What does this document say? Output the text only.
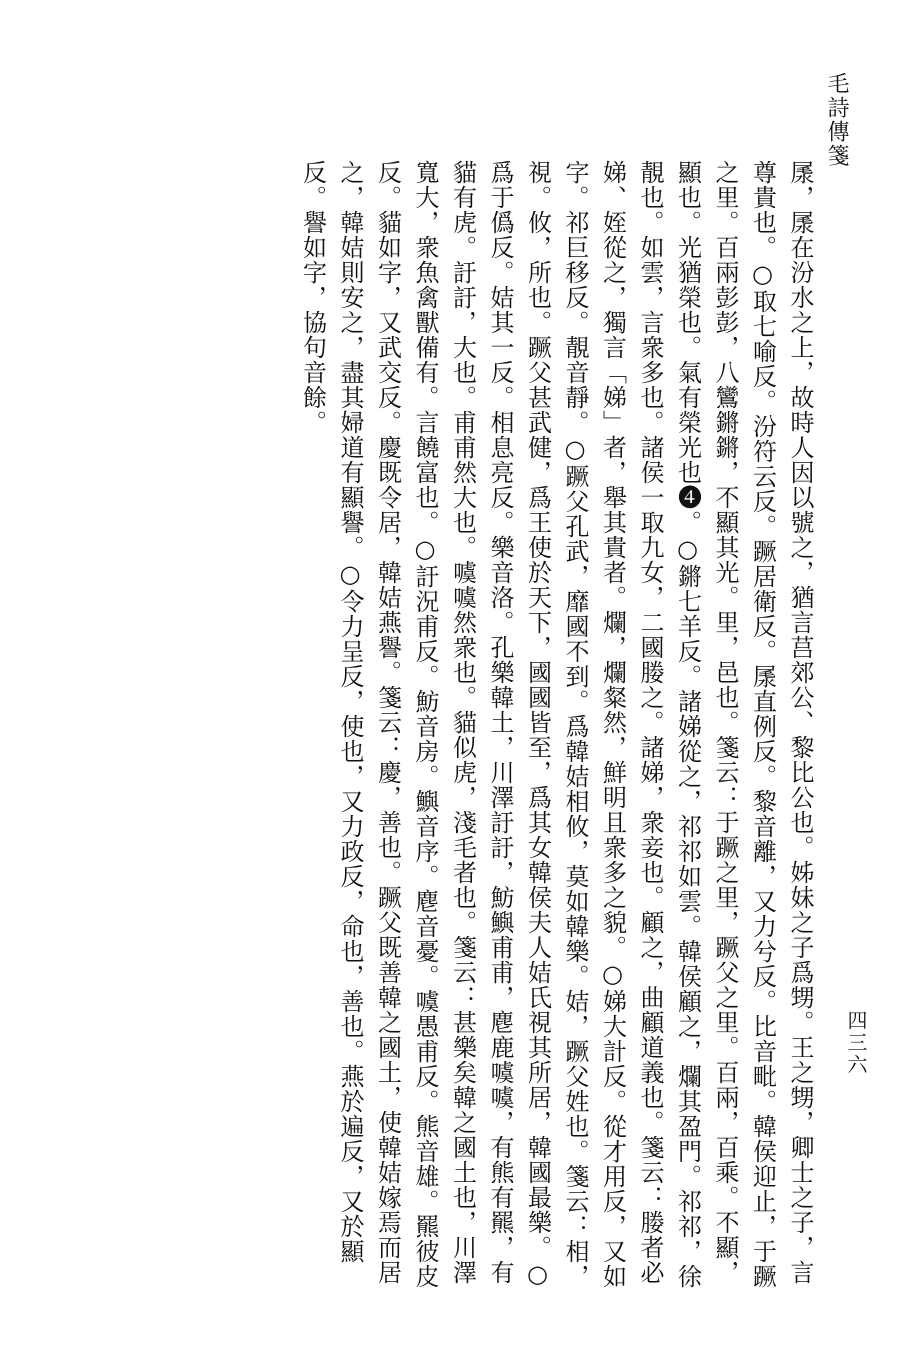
毛詩傳箋
四三六

㞙，㞙在汾水之上，故時人因以號之，猶言莒郊公、黎比公也。姊妹之子爲甥。王之甥，卿士之子，言尊貴也。○取七喻反。汾符云反。蹶居衛反。㞙直例反。黎音離，又力兮反。比音毗。韓侯迎止，于蹶之里。百兩彭彭，八鸞鏘鏘，不顯其光。里，邑也。箋云：于蹶之里，蹶父之里。百兩，百乘。不顯，顯也。光猶榮也。氣有榮光也❹。○鏘七羊反。諸娣從之，祁祁如雲。韓侯顧之，爛其盈門。祁祁，徐靚也。如雲，言衆多也。諸侯一取九女，二國媵之。諸娣，衆妾也。顧之，曲顧道義也。箋云：媵者必娣、姪從之，獨言「娣」者，舉其貴者。爛，爛粲然，鮮明且衆多之貌。○娣大計反。從才用反，又如字。祁巨移反。靚音靜。○蹶父孔武，靡國不到。爲韓姞相攸，莫如韓樂。姞，蹶父姓也。箋云：相，視。攸，所也。蹶父甚武健，爲王使於天下，國國皆至，爲其女韓侯夫人姞氏視其所居，韓國最樂。○爲于僞反。姞其一反。相息亮反。樂音洛。孔樂韓土，川澤訏訏，魴鱮甫甫，麀鹿噳噳，有熊有羆，有貓有虎。訏訏，大也。甫甫然大也。噳噳然衆也。貓似虎，淺毛者也。箋云：甚樂矣韓之國土也，川澤寬大，衆魚禽獸備有。言饒富也。○訏況甫反。魴音房。鱮音序。麀音憂。噳愚甫反。熊音雄。羆彼皮反。貓如字，又武交反。慶既令居，韓姞燕譽。箋云：慶，善也。蹶父既善韓之國土，使韓姞嫁焉而居之，韓姞則安之，盡其婦道有顯譽。○令力呈反，使也，又力政反，命也，善也。燕於遍反，又於顯反。譽如字，協句音餘。
